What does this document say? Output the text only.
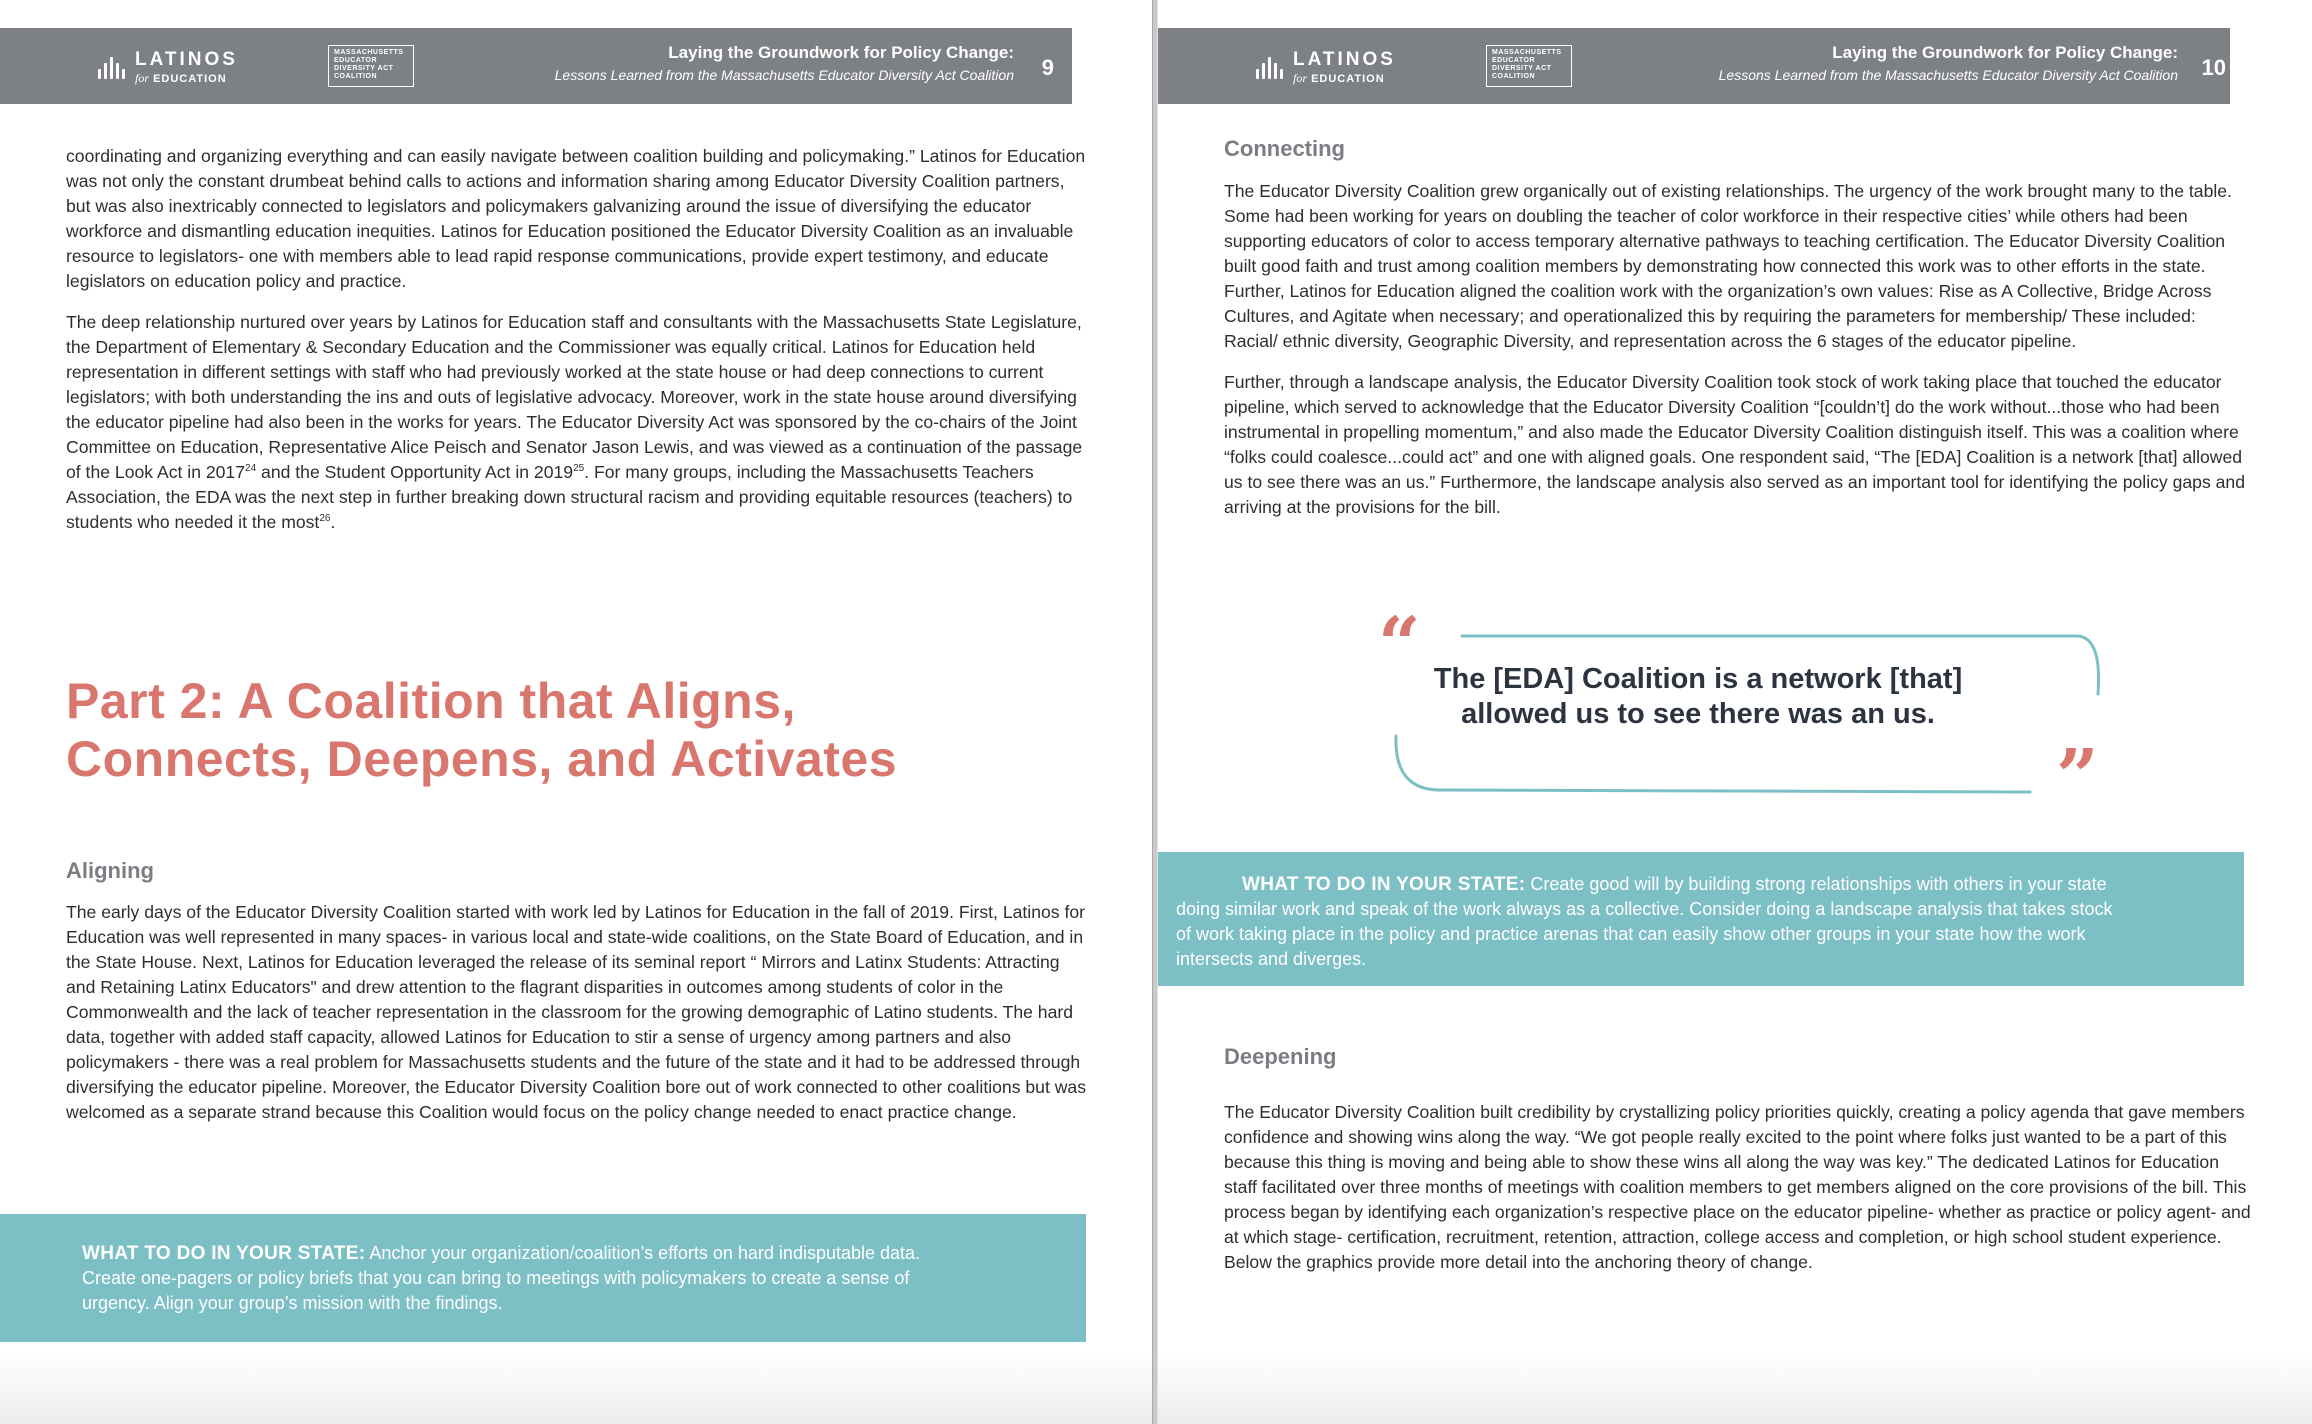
LATINOS
for EDUCATION
MASSACHUSETTS
EDUCATOR
DIVERSITY ACT
COALITION
Laying the Groundwork for Policy Change:
Lessons Learned from the Massachusetts Educator Diversity Act Coalition 9

coordinating and organizing everything and can easily navigate between coalition building and policymaking.” Latinos for Education was not only the constant drumbeat behind calls to actions and information sharing among Educator Diversity Coalition partners, but was also inextricably connected to legislators and policymakers galvanizing around the issue of diversifying the educator workforce and dismantling education inequities. Latinos for Education positioned the Educator Diversity Coalition as an invaluable resource to legislators- one with members able to lead rapid response communications, provide expert testimony, and educate legislators on education policy and practice.

The deep relationship nurtured over years by Latinos for Education staff and consultants with the Massachusetts State Legislature, the Department of Elementary & Secondary Education and the Commissioner was equally critical. Latinos for Education held representation in different settings with staff who had previously worked at the state house or had deep connections to current legislators; with both understanding the ins and outs of legislative advocacy. Moreover, work in the state house around diversifying the educator pipeline had also been in the works for years. The Educator Diversity Act was sponsored by the co-chairs of the Joint Committee on Education, Representative Alice Peisch and Senator Jason Lewis, and was viewed as a continuation of the passage of the Look Act in 2017$^{24}$ and the Student Opportunity Act in 2019$^{25}$. For many groups, including the Massachusetts Teachers Association, the EDA was the next step in further breaking down structural racism and providing equitable resources (teachers) to students who needed it the most$^{26}$.

Part 2: A Coalition that Aligns,
Connects, Deepens, and Activates
Aligning

The early days of the Educator Diversity Coalition started with work led by Latinos for Education in the fall of 2019. First, Latinos for Education was well represented in many spaces- in various local and state-wide coalitions, on the State Board of Education, and in the State House. Next, Latinos for Education leveraged the release of its seminal report “ Mirrors and Latinx Students: Attracting and Retaining Latinx Educators" and drew attention to the flagrant disparities in outcomes among students of color in the Commonwealth and the lack of teacher representation in the classroom for the growing demographic of Latino students. The hard data, together with added staff capacity, allowed Latinos for Education to stir a sense of urgency among partners and also policymakers - there was a real problem for Massachusetts students and the future of the state and it had to be addressed through diversifying the educator pipeline. Moreover, the Educator Diversity Coalition bore out of work connected to other coalitions but was welcomed as a separate strand because this Coalition would focus on the policy change needed to enact practice change.

WHAT TO DO IN YOUR STATE: Anchor your organization/coalition’s efforts on hard indisputable data. Create one-pagers or policy briefs that you can bring to meetings with policymakers to create a sense of urgency. Align your group’s mission with the findings.
LATINOS
for EDUCATION
MASSACHUSETTS
EDUCATOR
DIVERSITY ACT
COALITION
Laying the Groundwork for Policy Change:
Lessons Learned from the Massachusetts Educator Diversity Act Coalition 10
Connecting

The Educator Diversity Coalition grew organically out of existing relationships. The urgency of the work brought many to the table. Some had been working for years on doubling the teacher of color workforce in their respective cities’ while others had been supporting educators of color to access temporary alternative pathways to teaching certification. The Educator Diversity Coalition built good faith and trust among coalition members by demonstrating how connected this work was to other efforts in the state. Further, Latinos for Education aligned the coalition work with the organization’s own values: Rise as A Collective, Bridge Across Cultures, and Agitate when necessary; and operationalized this by requiring the parameters for membership/ These included: Racial/ ethnic diversity, Geographic Diversity, and representation across the 6 stages of the educator pipeline.

Further, through a landscape analysis, the Educator Diversity Coalition took stock of work taking place that touched the educator pipeline, which served to acknowledge that the Educator Diversity Coalition “[couldn’t] do the work without...those who had been instrumental in propelling momentum,” and also made the Educator Diversity Coalition distinguish itself. This was a coalition where “folks could coalesce...could act” and one with aligned goals. One respondent said, “The [EDA] Coalition is a network [that] allowed us to see there was an us.” Furthermore, the landscape analysis also served as an important tool for identifying the policy gaps and arriving at the provisions for the bill.

WHAT TO DO IN YOUR STATE: Create good will by building strong relationships with others in your state doing similar work and speak of the work always as a collective. Consider doing a landscape analysis that takes stock of work taking place in the policy and practice arenas that can easily show other groups in your state how the work intersects and diverges.
Deepening

The Educator Diversity Coalition built credibility by crystallizing policy priorities quickly, creating a policy agenda that gave members confidence and showing wins along the way. “We got people really excited to the point where folks just wanted to be a part of this because this thing is moving and being able to show these wins all along the way was key.” The dedicated Latinos for Education staff facilitated over three months of meetings with coalition members to get members aligned on the core provisions of the bill. This process began by identifying each organization’s respective place on the educator pipeline- whether as practice or policy agent- and at which stage- certification, recruitment, retention, attraction, college access and completion, or high school student experience. Below the graphics provide more detail into the anchoring theory of change.

“
”
The [EDA] Coalition is a network [that]
allowed us to see there was an us.
